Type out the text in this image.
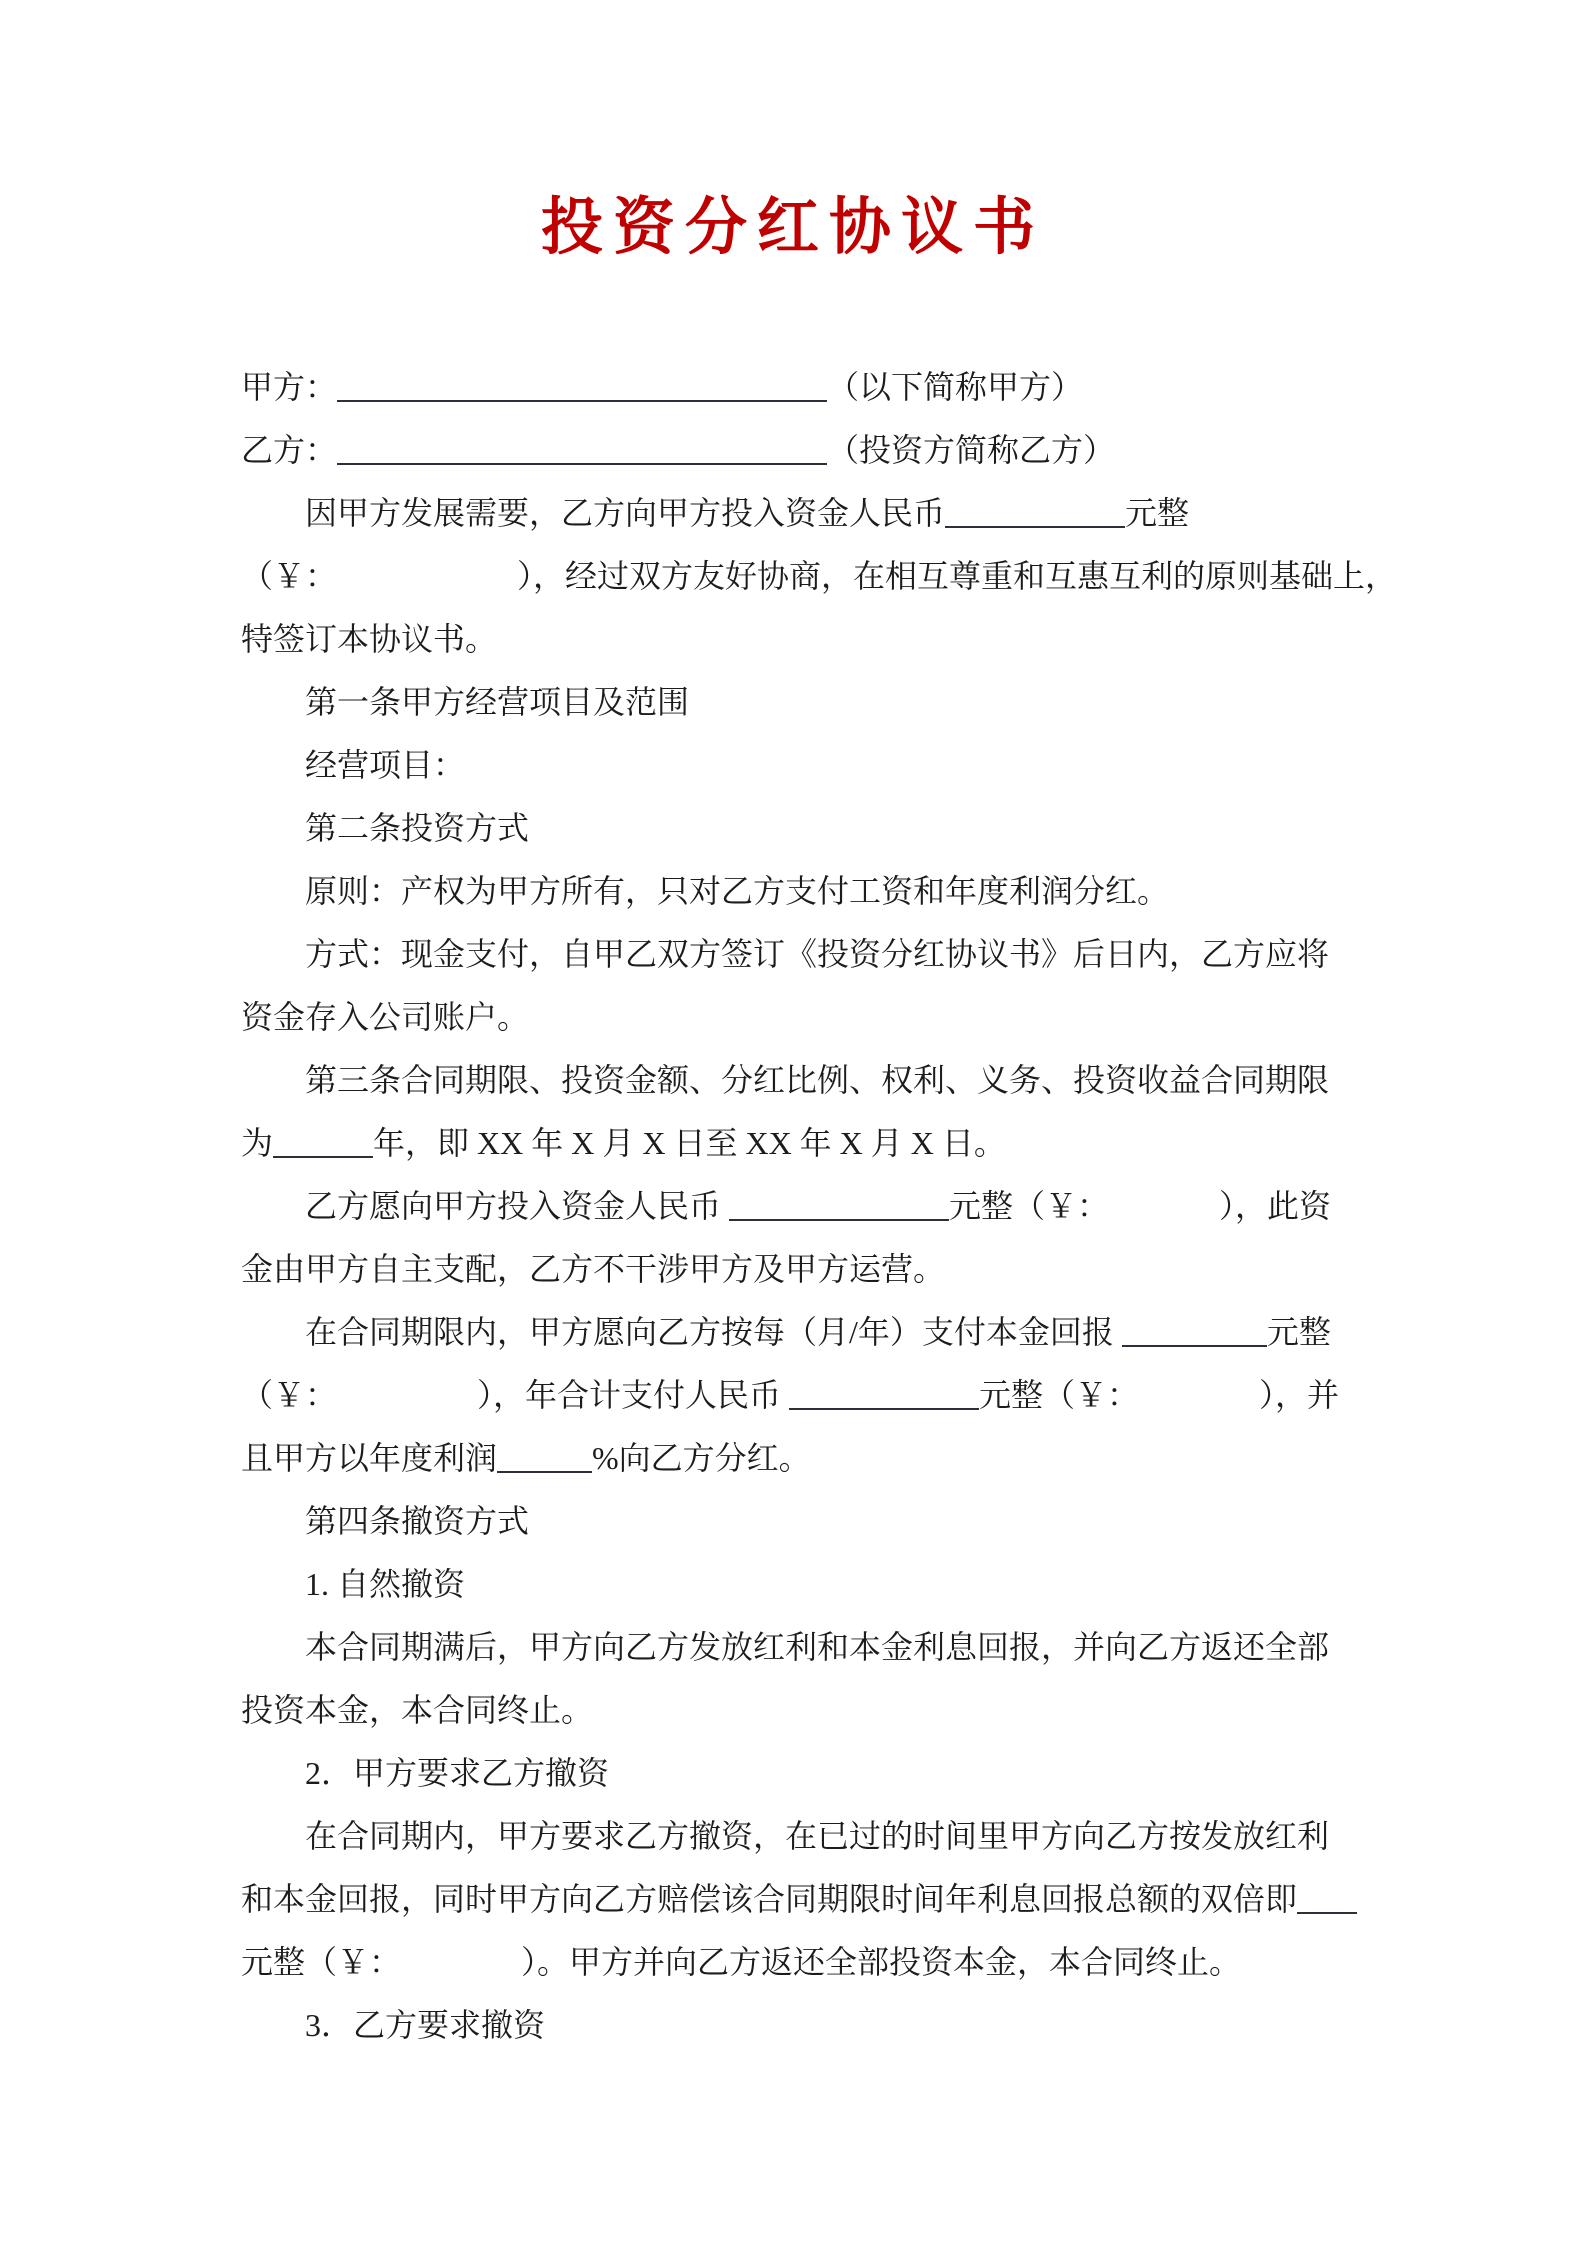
投资分红协议书

甲方：	（以下简称甲方）

乙方：	（投资方简称乙方）

因甲方发展需要，乙方向甲方投入资金人民币	元整

（￥：	），经过双方友好协商，在相互尊重和互惠互利的原则基础上，

特签订本协议书。

第一条甲方经营项目及范围

经营项目：

第二条投资方式

原则：产权为甲方所有，只对乙方支付工资和年度利润分红。

方式：现金支付，自甲乙双方签订《投资分红协议书》后日内，乙方应将

资金存入公司账户。

第三条合同期限、投资金额、分红比例、权利、义务、投资收益合同期限

为	年，即 XX 年 X 月 X 日至 XX 年 X 月 X 日。

乙方愿向甲方投入资金人民币	元整（￥：	），此资

金由甲方自主支配，乙方不干涉甲方及甲方运营。

在合同期限内，甲方愿向乙方按每（月/年）支付本金回报	元整

（￥：	），年合计支付人民币	元整（￥：	），并

且甲方以年度利润	%向乙方分红。

第四条撤资方式

1. 自然撤资

本合同期满后，甲方向乙方发放红利和本金利息回报，并向乙方返还全部

投资本金，本合同终止。

2．甲方要求乙方撤资

在合同期内，甲方要求乙方撤资，在已过的时间里甲方向乙方按发放红利

和本金回报，同时甲方向乙方赔偿该合同期限时间年利息回报总额的双倍即

元整（￥：	）。甲方并向乙方返还全部投资本金，本合同终止。

3．乙方要求撤资
